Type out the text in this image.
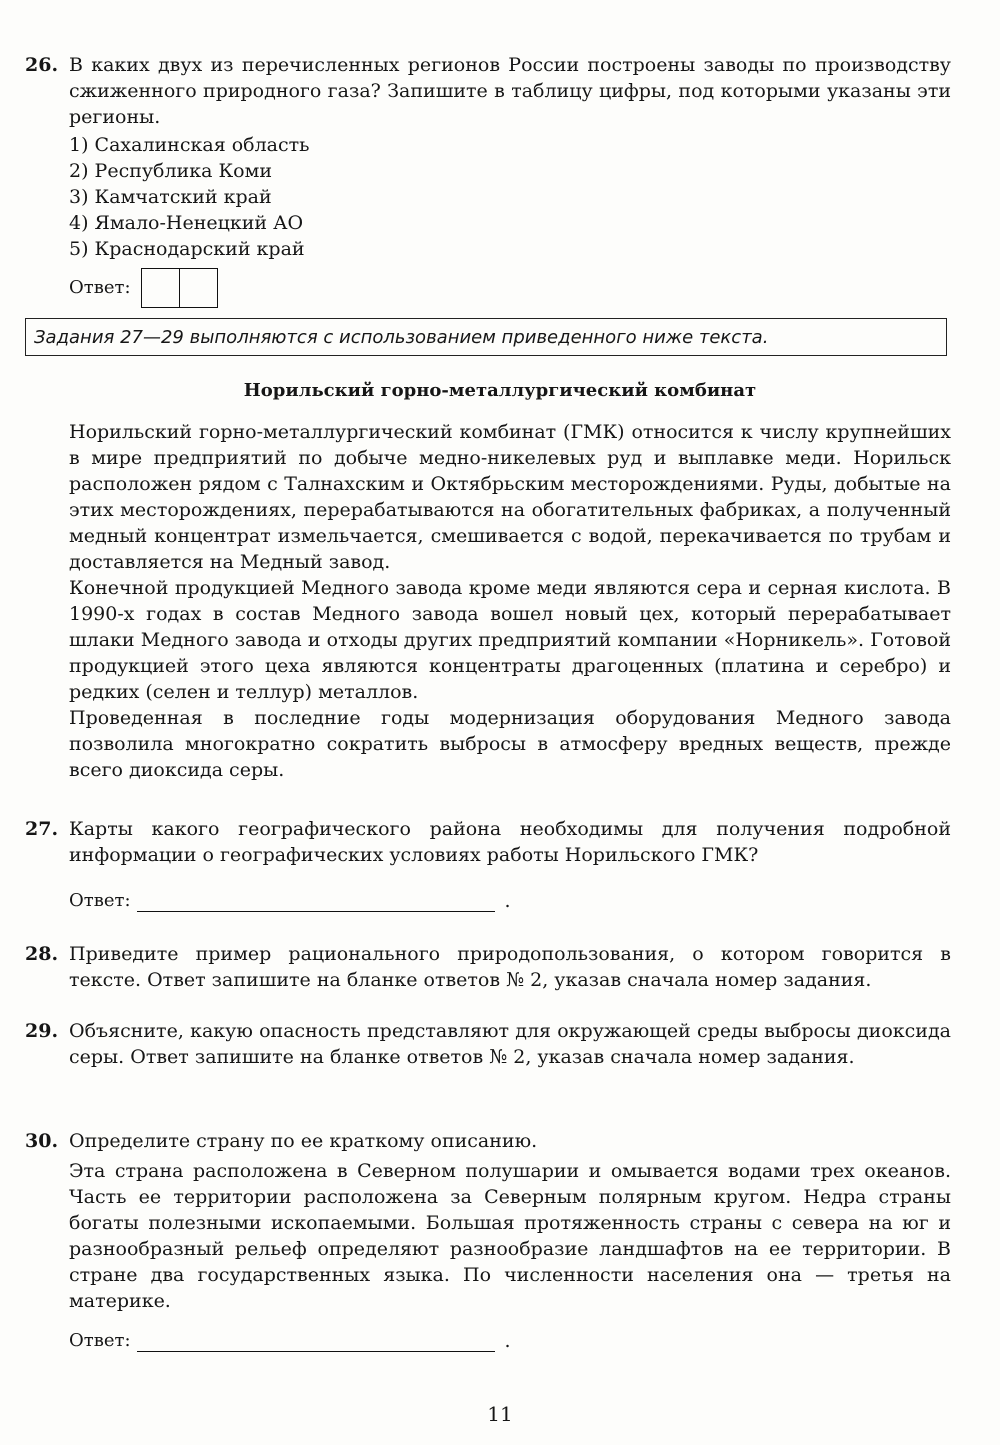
26. В каких двух из перечисленных регионов России построены заводы по производству сжиженного природного газа? Запишите в таблицу цифры, под которыми указаны эти регионы.

1) Сахалинская область
2) Республика Коми
3) Камчатский край
4) Ямало-Ненецкий АО
5) Краснодарский край
Ответ:
Задания 27—29 выполняются с использованием приведенного ниже текста.
Норильский горно-металлургический комбинат

Норильский горно-металлургический комбинат (ГМК) относится к числу крупнейших в мире предприятий по добыче медно-никелевых руд и выплавке меди. Норильск расположен рядом с Талнахским и Октябрьским месторождениями. Руды, добытые на этих месторождениях, перерабатываются на обогатительных фабриках, а полученный медный концентрат измельчается, смешивается с водой, перекачивается по трубам и доставляется на Медный завод.

Конечной продукцией Медного завода кроме меди являются сера и серная кислота. В 1990-х годах в состав Медного завода вошел новый цех, который перерабатывает шлаки Медного завода и отходы других предприятий компании «Норникель». Готовой продукцией этого цеха являются концентраты драгоценных (платина и серебро) и редких (селен и теллур) металлов.

Проведенная в последние годы модернизация оборудования Медного завода позволила многократно сократить выбросы в атмосферу вредных веществ, прежде всего диоксида серы.

27. Карты какого географического района необходимы для получения подробной информации о географических условиях работы Норильского ГМК?

Ответ:	.
28. Приведите пример рационального природопользования, о котором говорится в тексте. Ответ запишите на бланке ответов № 2, указав сначала номер задания.

29. Объясните, какую опасность представляют для окружающей среды выбросы диоксида серы. Ответ запишите на бланке ответов № 2, указав сначала номер задания.

30. Определите страну по ее краткому описанию.

Эта страна расположена в Северном полушарии и омывается водами трех океанов. Часть ее территории расположена за Северным полярным кругом. Недра страны богаты полезными ископаемыми. Большая протяженность страны с севера на юг и разнообразный рельеф определяют разнообразие ландшафтов на ее территории. В стране два государственных языка. По численности населения она — третья на материке.

Ответ:	.
11
